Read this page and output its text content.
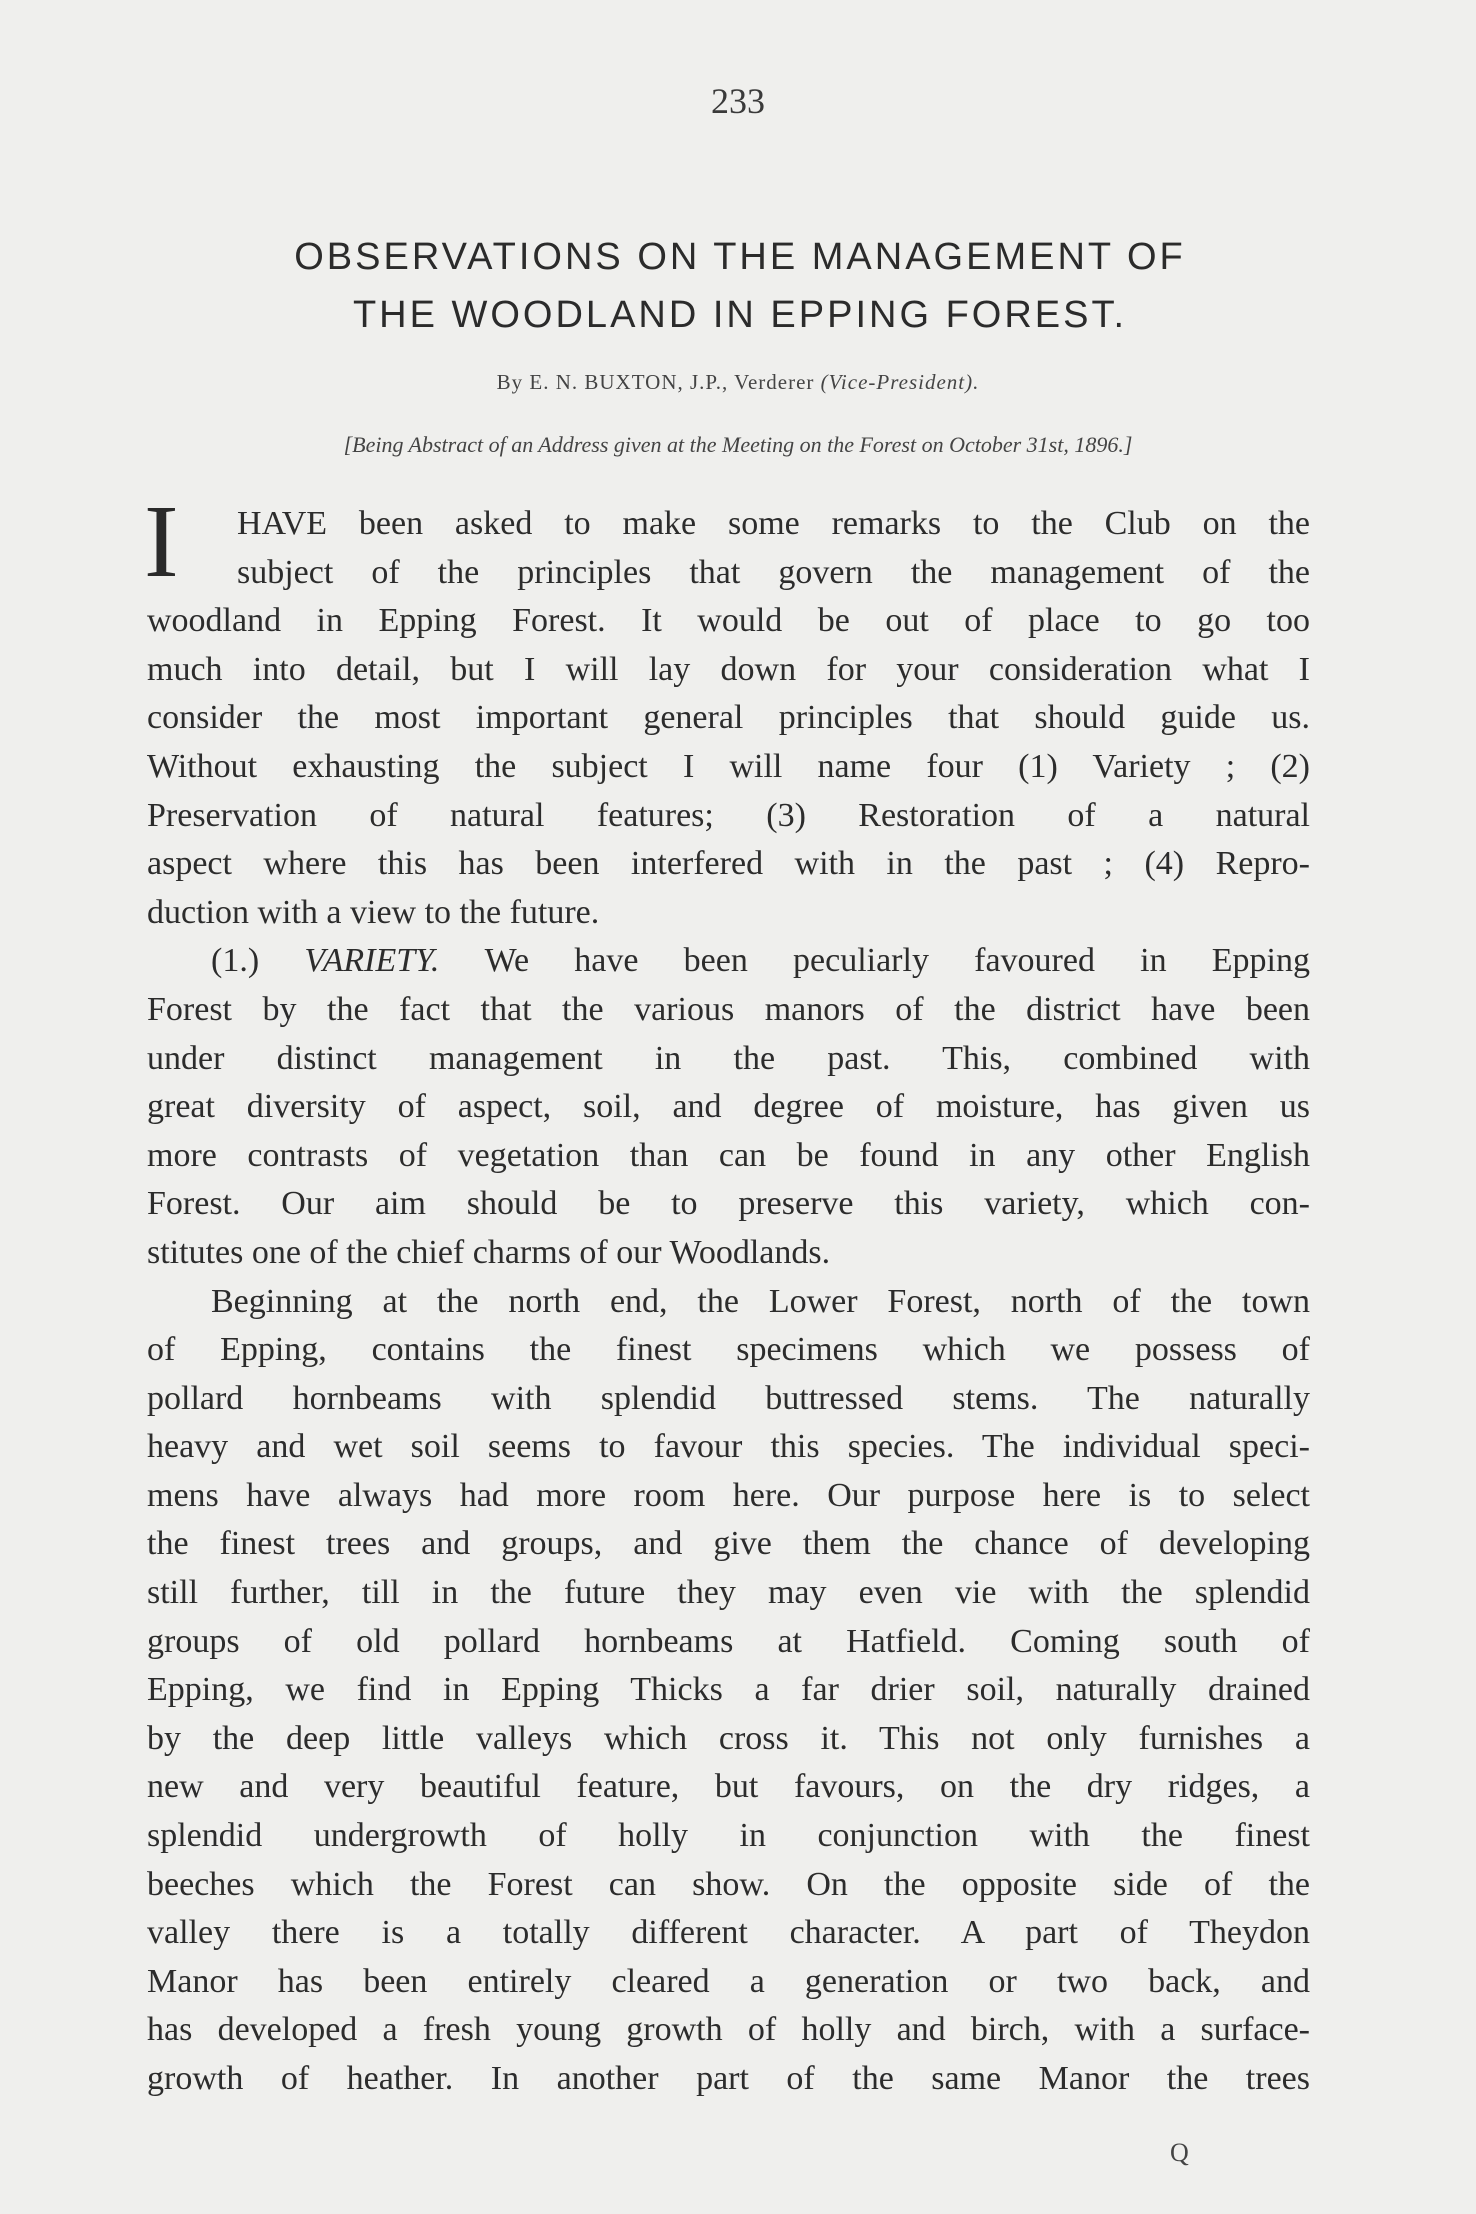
233
OBSERVATIONS ON THE MANAGEMENT OF
THE WOODLAND IN EPPING FOREST.
By E. N. BUXTON, J.P., Verderer (Vice-President).
[Being Abstract of an Address given at the Meeting on the Forest on October 31st, 1896.]
I	HAVE been asked to make some remarks to the Club on the
subject of the principles that govern the management of the
woodland in Epping Forest. It would be out of place to go too
much into detail, but I will lay down for your consideration what I
consider the most important general principles that should guide us.
Without exhausting the subject I will name four (1) Variety ; (2)
Preservation of natural features; (3) Restoration of a natural
aspect where this has been interfered with in the past ; (4) Repro-
duction with a view to the future.
(1.) VARIETY. We have been peculiarly favoured in Epping
Forest by the fact that the various manors of the district have been
under distinct management in the past. This, combined with
great diversity of aspect, soil, and degree of moisture, has given us
more contrasts of vegetation than can be found in any other English
Forest. Our aim should be to preserve this variety, which con-
stitutes one of the chief charms of our Woodlands.
Beginning at the north end, the Lower Forest, north of the town
of Epping, contains the finest specimens which we possess of
pollard hornbeams with splendid buttressed stems. The naturally
heavy and wet soil seems to favour this species. The individual speci-
mens have always had more room here. Our purpose here is to select
the finest trees and groups, and give them the chance of developing
still further, till in the future they may even vie with the splendid
groups of old pollard hornbeams at Hatfield. Coming south of
Epping, we find in Epping Thicks a far drier soil, naturally drained
by the deep little valleys which cross it. This not only furnishes a
new and very beautiful feature, but favours, on the dry ridges, a
splendid undergrowth of holly in conjunction with the finest
beeches which the Forest can show. On the opposite side of the
valley there is a totally different character. A part of Theydon
Manor has been entirely cleared a generation or two back, and
has developed a fresh young growth of holly and birch, with a surface-
growth of heather. In another part of the same Manor the trees
Q
